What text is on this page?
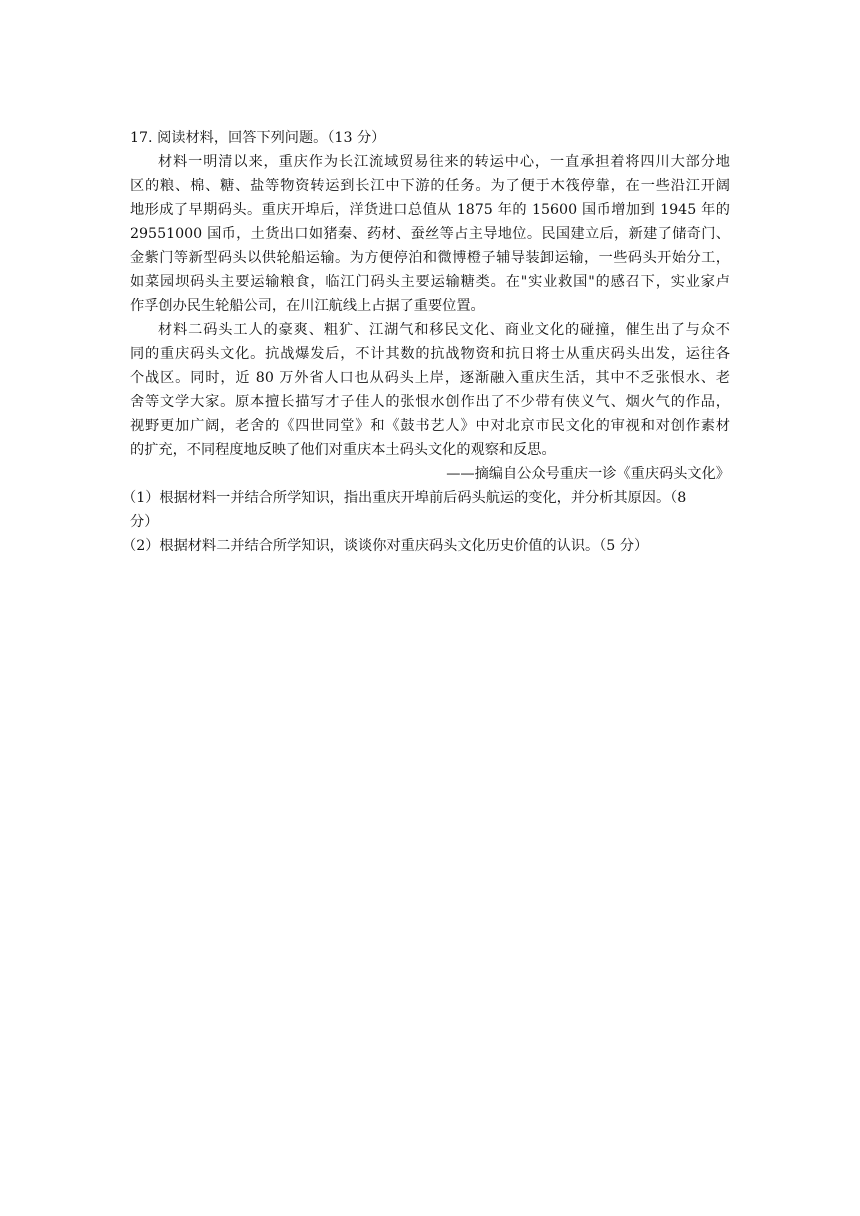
17. 阅读材料，回答下列问题。（13 分）

材料一明清以来，重庆作为长江流域贸易往来的转运中心，一直承担着将四川大部分地

区的粮、棉、糖、盐等物资转运到长江中下游的任务。为了便于木筏停靠，在一些沿江开阔

地形成了早期码头。重庆开埠后，洋货进口总值从 1875 年的 15600 国币增加到 1945 年的

29551000 国币，土货出口如猪秦、药材、蚕丝等占主导地位。民国建立后，新建了储奇门、

金紫门等新型码头以供轮船运输。为方便停泊和微博橙子辅导装卸运输，一些码头开始分工，

如菜园坝码头主要运输粮食，临江门码头主要运输糖类。在"实业救国"的感召下，实业家卢

作孚创办民生轮船公司，在川江航线上占据了重要位置。

材料二码头工人的豪爽、粗犷、江湖气和移民文化、商业文化的碰撞，催生出了与众不

同的重庆码头文化。抗战爆发后，不计其数的抗战物资和抗日将士从重庆码头出发，运往各

个战区。同时，近 80 万外省人口也从码头上岸，逐渐融入重庆生活，其中不乏张恨水、老

舍等文学大家。原本擅长描写才子佳人的张恨水创作出了不少带有侠义气、烟火气的作品，

视野更加广阔，老舍的《四世同堂》和《鼓书艺人》中对北京市民文化的审视和对创作素材

的扩充，不同程度地反映了他们对重庆本土码头文化的观察和反思。

——摘编自公众号重庆一诊《重庆码头文化》

（1）根据材料一并结合所学知识，指出重庆开埠前后码头航运的变化，并分析其原因。（8

分）

（2）根据材料二并结合所学知识，谈谈你对重庆码头文化历史价值的认识。（5 分）
